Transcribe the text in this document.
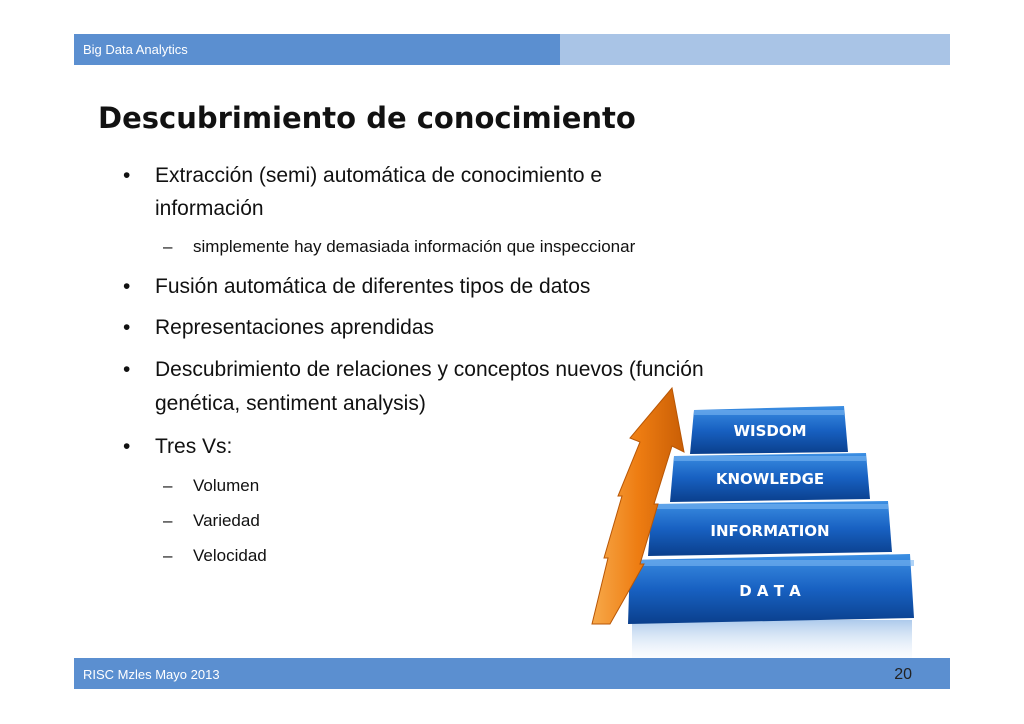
Big Data Analytics
Descubrimiento de conocimiento
• Extracción (semi) automática de conocimiento e
información
– simplemente hay demasiada información que inspeccionar
• Fusión automática de diferentes tipos de datos
• Representaciones aprendidas
• Descubrimiento de relaciones y conceptos nuevos (función
genética, sentiment analysis)
• Tres Vs:
– Volumen
– Variedad
– Velocidad
WISDOM
KNOWLEDGE
INFORMATION
D A T A
RISC Mzles Mayo 2013	20
